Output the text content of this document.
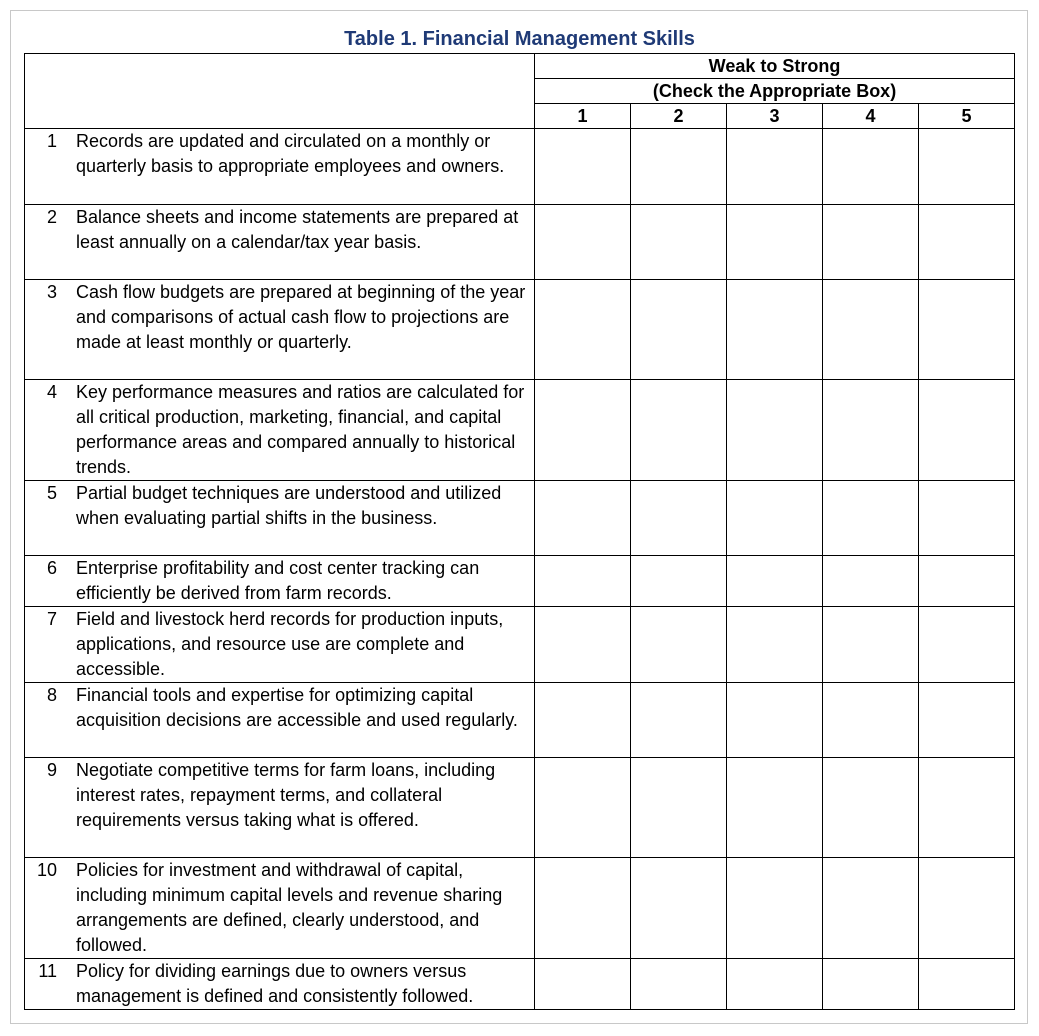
Table 1. Financial Management Skills
	Weak to Strong				
	(Check the Appropriate Box)				
	1	2	3	4	5

1 Records are updated and circulated on a monthly or quarterly basis to appropriate employees and owners.					

2 Balance sheets and income statements are prepared at least annually on a calendar/tax year basis.					

3 Cash flow budgets are prepared at beginning of the year and comparisons of actual cash flow to projections are made at least monthly or quarterly.					

4 Key performance measures and ratios are calculated for all critical production, marketing, financial, and capital performance areas and compared annually to historical trends.					

5 Partial budget techniques are understood and utilized when evaluating partial shifts in the business.					

6 Enterprise profitability and cost center tracking can efficiently be derived from farm records.					

7 Field and livestock herd records for production inputs, applications, and resource use are complete and accessible.					

8 Financial tools and expertise for optimizing capital acquisition decisions are accessible and used regularly.					

9 Negotiate competitive terms for farm loans, including interest rates, repayment terms, and collateral requirements versus taking what is offered.					

10 Policies for investment and withdrawal of capital, including minimum capital levels and revenue sharing arrangements are defined, clearly understood, and followed.					

11 Policy for dividing earnings due to owners versus management is defined and consistently followed.					
